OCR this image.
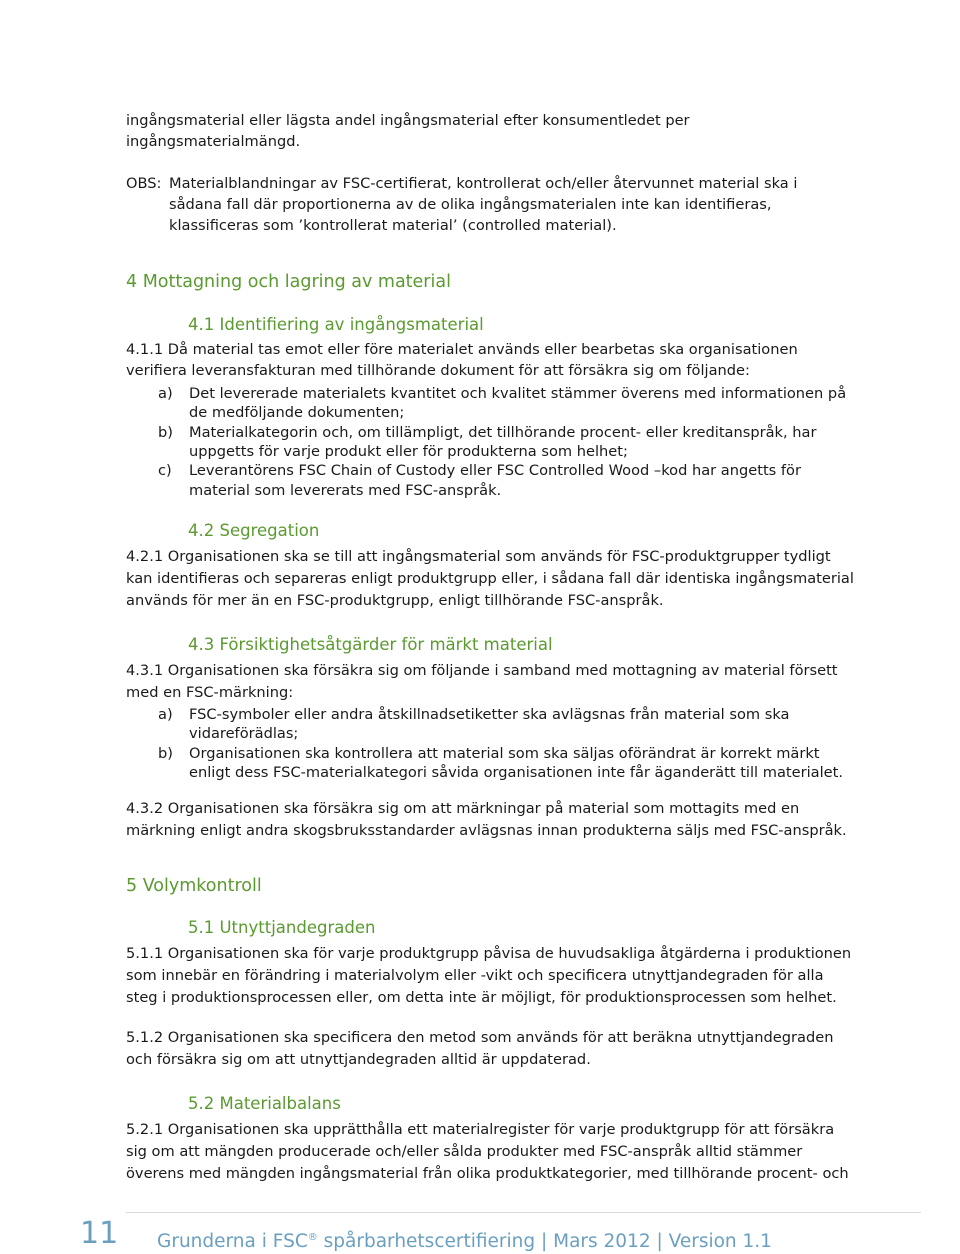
ingångsmaterial eller lägsta andel ingångsmaterial efter konsumentledet per
ingångsmaterialmängd.
OBS: Materialblandningar av FSC-certifierat, kontrollerat och/eller återvunnet material ska i
sådana fall där proportionerna av de olika ingångsmaterialen inte kan identifieras,
klassificeras som ’kontrollerat material’ (controlled material).
4 Mottagning och lagring av material
4.1 Identifiering av ingångsmaterial
4.1.1 Då material tas emot eller före materialet används eller bearbetas ska organisationen
verifiera leveransfakturan med tillhörande dokument för att försäkra sig om följande:
a) Det levererade materialets kvantitet och kvalitet stämmer överens med informationen på
de medföljande dokumenten;
b) Materialkategorin och, om tillämpligt, det tillhörande procent- eller kreditanspråk, har
uppgetts för varje produkt eller för produkterna som helhet;
c) Leverantörens FSC Chain of Custody eller FSC Controlled Wood –kod har angetts för
material som levererats med FSC-anspråk.
4.2 Segregation
4.2.1 Organisationen ska se till att ingångsmaterial som används för FSC-produktgrupper tydligt
kan identifieras och separeras enligt produktgrupp eller, i sådana fall där identiska ingångsmaterial
används för mer än en FSC-produktgrupp, enligt tillhörande FSC-anspråk.
4.3 Försiktighetsåtgärder för märkt material
4.3.1 Organisationen ska försäkra sig om följande i samband med mottagning av material försett
med en FSC-märkning:
a) FSC-symboler eller andra åtskillnadsetiketter ska avlägsnas från material som ska
vidareförädlas;
b) Organisationen ska kontrollera att material som ska säljas oförändrat är korrekt märkt
enligt dess FSC-materialkategori såvida organisationen inte får äganderätt till materialet.
4.3.2 Organisationen ska försäkra sig om att märkningar på material som mottagits med en
märkning enligt andra skogsbruksstandarder avlägsnas innan produkterna säljs med FSC-anspråk.
5 Volymkontroll
5.1 Utnyttjandegraden
5.1.1 Organisationen ska för varje produktgrupp påvisa de huvudsakliga åtgärderna i produktionen
som innebär en förändring i materialvolym eller -vikt och specificera utnyttjandegraden för alla
steg i produktionsprocessen eller, om detta inte är möjligt, för produktionsprocessen som helhet.
5.1.2 Organisationen ska specificera den metod som används för att beräkna utnyttjandegraden
och försäkra sig om att utnyttjandegraden alltid är uppdaterad.
5.2 Materialbalans
5.2.1 Organisationen ska upprätthålla ett materialregister för varje produktgrupp för att försäkra
sig om att mängden producerade och/eller sålda produkter med FSC-anspråk alltid stämmer
överens med mängden ingångsmaterial från olika produktkategorier, med tillhörande procent- och
11 Grunderna i FSC® spårbarhetscertifiering | Mars 2012 | Version 1.1
